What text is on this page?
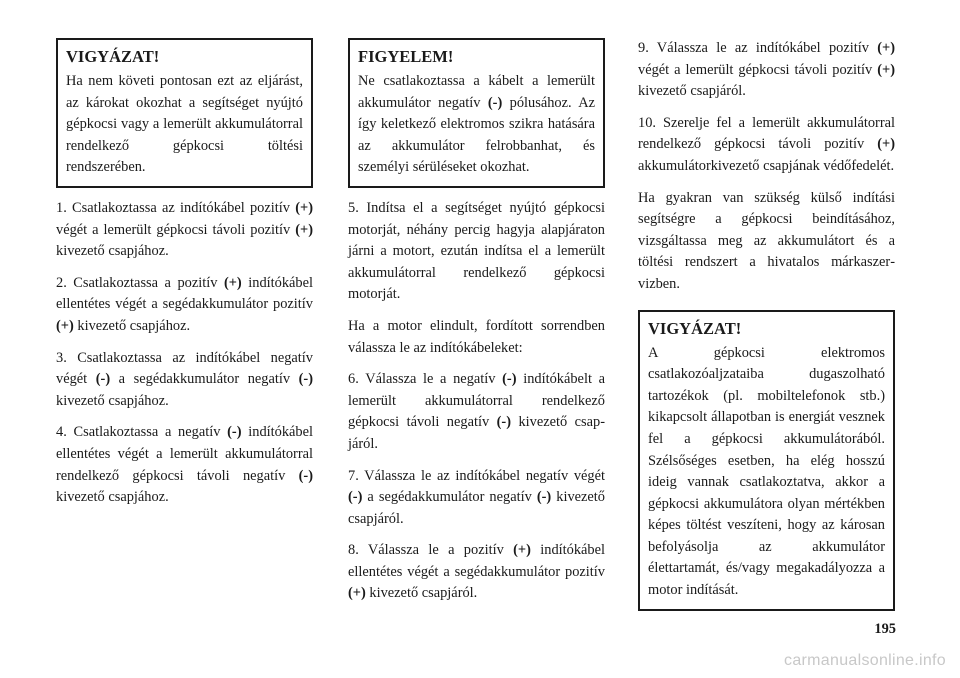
VIGYÁZAT!
Ha nem követi pontosan ezt az eljárást, az károkat okozhat a segítséget nyújtó gépkocsi vagy a lemerült akkumulátorral rendelkező gépkocsi töltési rendszerében.

1. Csatlakoztassa az indítókábel pozitív (+) végét a lemerült gépkocsi távoli pozitív (+) kivezető csapjához.

2. Csatlakoztassa a pozitív (+) indítókábel ellentétes végét a segédakkumulátor pozitív (+) kivezető csapjához.

3. Csatlakoztassa az indítókábel negatív végét (-) a segédakkumulátor negatív (-) kivezető csapjához.

4. Csatlakoztassa a negatív (-) indítókábel ellentétes végét a lemerült akkumulátorral rendelkező gépkocsi távoli negatív (-) kivezető csapjához.

FIGYELEM!
Ne csatlakoztassa a kábelt a lemerült akkumulátor negatív (-) pólusához. Az így keletkező elektromos szikra hatására az akkumulátor felrobbanhat, és személyi sérüléseket okozhat.

5. Indítsa el a segítséget nyújtó gépkocsi motorját, néhány percig hagyja alapjáraton járni a motort, ezután indítsa el a lemerült akkumulátorral rendelkező gépkocsi motorját.

Ha a motor elindult, fordított sorrendben válassza le az indítókábeleket:

6. Válassza le a negatív (-) indítókábelt a lemerült akkumulátorral rendelkező gépkocsi távoli negatív (-) kivezető csapjáról.

7. Válassza le az indítókábel negatív végét (-) a segédakkumulátor negatív (-) kivezető csapjáról.

8. Válassza le a pozitív (+) indítókábel ellentétes végét a segédakkumulátor pozitív (+) kivezető csapjáról.

9. Válassza le az indítókábel pozitív (+) végét a lemerült gépkocsi távoli pozitív (+) kivezető csapjáról.

10. Szerelje fel a lemerült akkumulátorral rendelkező gépkocsi távoli pozitív (+) akkumulátorkivezető csapjának védőfedelét.

Ha gyakran van szükség külső indítási segítségre a gépkocsi beindításához, vizsgáltassa meg az akkumulátort és a töltési rendszert a hivatalos márkaszervizben.

VIGYÁZAT!
A gépkocsi elektromos csatlakozóaljzataiba dugaszolható tartozékok (pl. mobiltelefonok stb.) kikapcsolt állapotban is energiát vesznek fel a gépkocsi akkumulátorából. Szélsőséges esetben, ha elég hosszú ideig vannak csatlakoztatva, akkor a gépkocsi akkumulátora olyan mértékben képes töltést veszíteni, hogy az károsan befolyásolja az akkumulátor élettartamát, és/vagy megakadályozza a motor indítását.
195
carmanualsonline.info
